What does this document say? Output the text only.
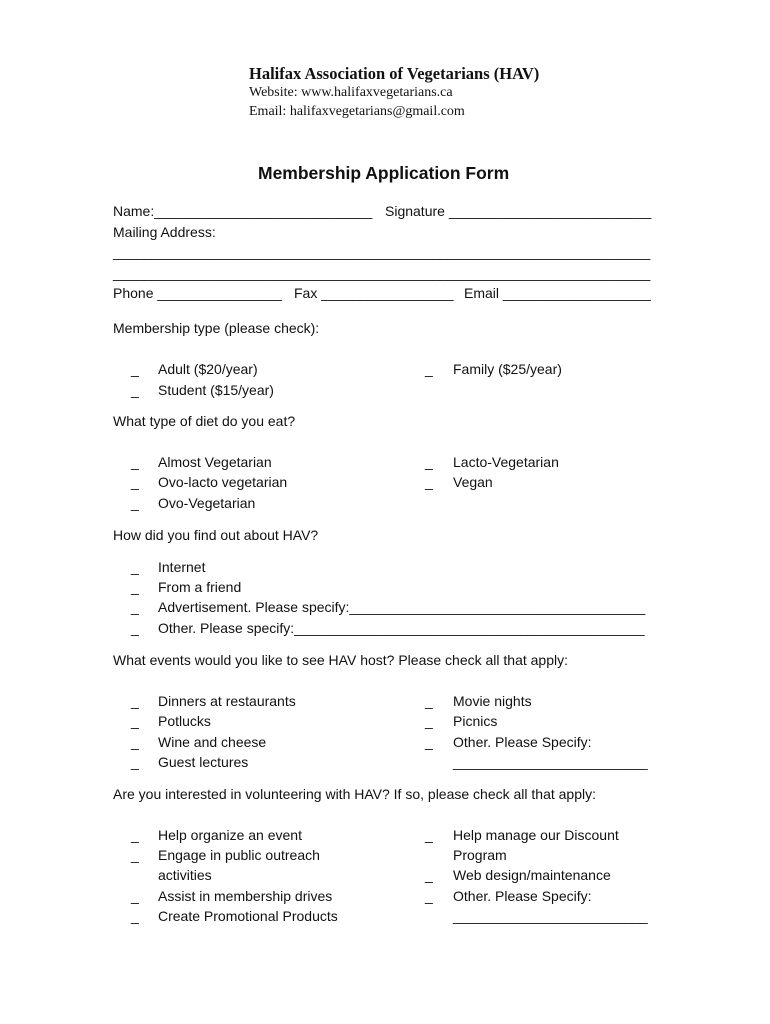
Halifax Association of Vegetarians (HAV)
Website: www.halifaxvegetarians.ca
Email: halifaxvegetarians@gmail.com
Membership Application Form
Name:____________________________ Signature __________________________
Mailing Address:
_____________________________________________________________________
_____________________________________________________________________
Phone ________________ Fax _________________ Email ___________________
Membership type (please check):
_ Adult ($20/year)
_ Student ($15/year)
_ Family ($25/year)
What type of diet do you eat?
_ Almost Vegetarian
_ Ovo-lacto vegetarian
_ Ovo-Vegetarian
_ Lacto-Vegetarian
_ Vegan
How did you find out about HAV?
_ Internet
_ From a friend
_ Advertisement. Please specify:______________________________________
_ Other. Please specify:_____________________________________________
What events would you like to see HAV host? Please check all that apply:
_ Dinners at restaurants
_ Potlucks
_ Wine and cheese
_ Guest lectures
_ Movie nights
_ Picnics
_ Other. Please Specify:
_________________________
Are you interested in volunteering with HAV? If so, please check all that apply:
_ Help organize an event
_ Engage in public outreach
activities
_ Assist in membership drives
_ Create Promotional Products
_ Help manage our Discount
Program
_ Web design/maintenance
_ Other. Please Specify:
_________________________
